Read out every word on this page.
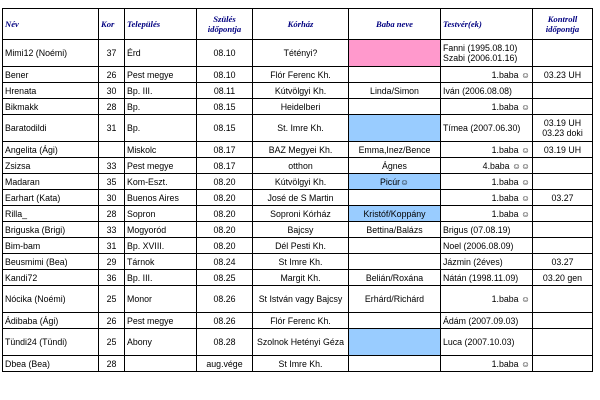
Név	Kor	Település	Szülés időpontja	Kórház	Baba neve	Testvér(ek)	Kontroll időpontja
Mimi12 (Noémi)	37	Érd	08.10	Tétényi?		Fanni (1995.08.10)
Szabi (2006.01.16)	
Bener	26	Pest megye	08.10	Flór Ferenc Kh.		1.baba ☺	03.23 UH
Hrenata	30	Bp. III.	08.11	Kútvölgyi Kh.	Linda/Simon	Iván (2006.08.08)	
Bikmakk	28	Bp.	08.15	Heidelberi		1.baba ☺	
Baratodildi	31	Bp.	08.15	St. Imre Kh.		Tímea (2007.06.30)	03.19 UH
03.23 doki
Angelita (Ági)		Miskolc	08.17	BAZ Megyei Kh.	Emma,Inez/Bence	1.baba ☺	03.19 UH
Zsizsa	33	Pest megye	08.17	otthon	Ágnes	4.baba ☺☺	
Madaran	35	Kom-Eszt.	08.20	Kútvölgyi Kh.	Picúr☺	1.baba ☺	
Earhart (Kata)	30	Buenos Aires	08.20	José de S Martin		1.baba ☺	03.27
Rilla_	28	Sopron	08.20	Soproni Kórház	Kristóf/Koppány	1.baba ☺	
Briguska (Brigi)	33	Mogyoród	08.20	Bajcsy	Bettina/Balázs	Brigus (07.08.19)	
Bim-bam	31	Bp. XVIII.	08.20	Dél Pesti Kh.		Noel (2006.08.09)	
Beusmimi (Bea)	29	Tárnok	08.24	St Imre Kh.		Jázmin (2éves)	03.27
Kandi72	36	Bp. III.	08.25	Margit Kh.	Belián/Roxána	Nátán (1998.11.09)	03.20 gen
Nócika (Noémi)	25	Monor	08.26	St István vagy Bajcsy	Erhárd/Richárd	1.baba ☺	
Ádibaba (Ági)	26	Pest megye	08.26	Flór Ferenc Kh.		Ádám (2007.09.03)	
Tündi24 (Tündi)	25	Abony	08.28	Szolnok Hetényi Géza		Luca (2007.10.03)	
Dbea (Bea)	28		aug.vége	St Imre Kh.		1.baba ☺	
